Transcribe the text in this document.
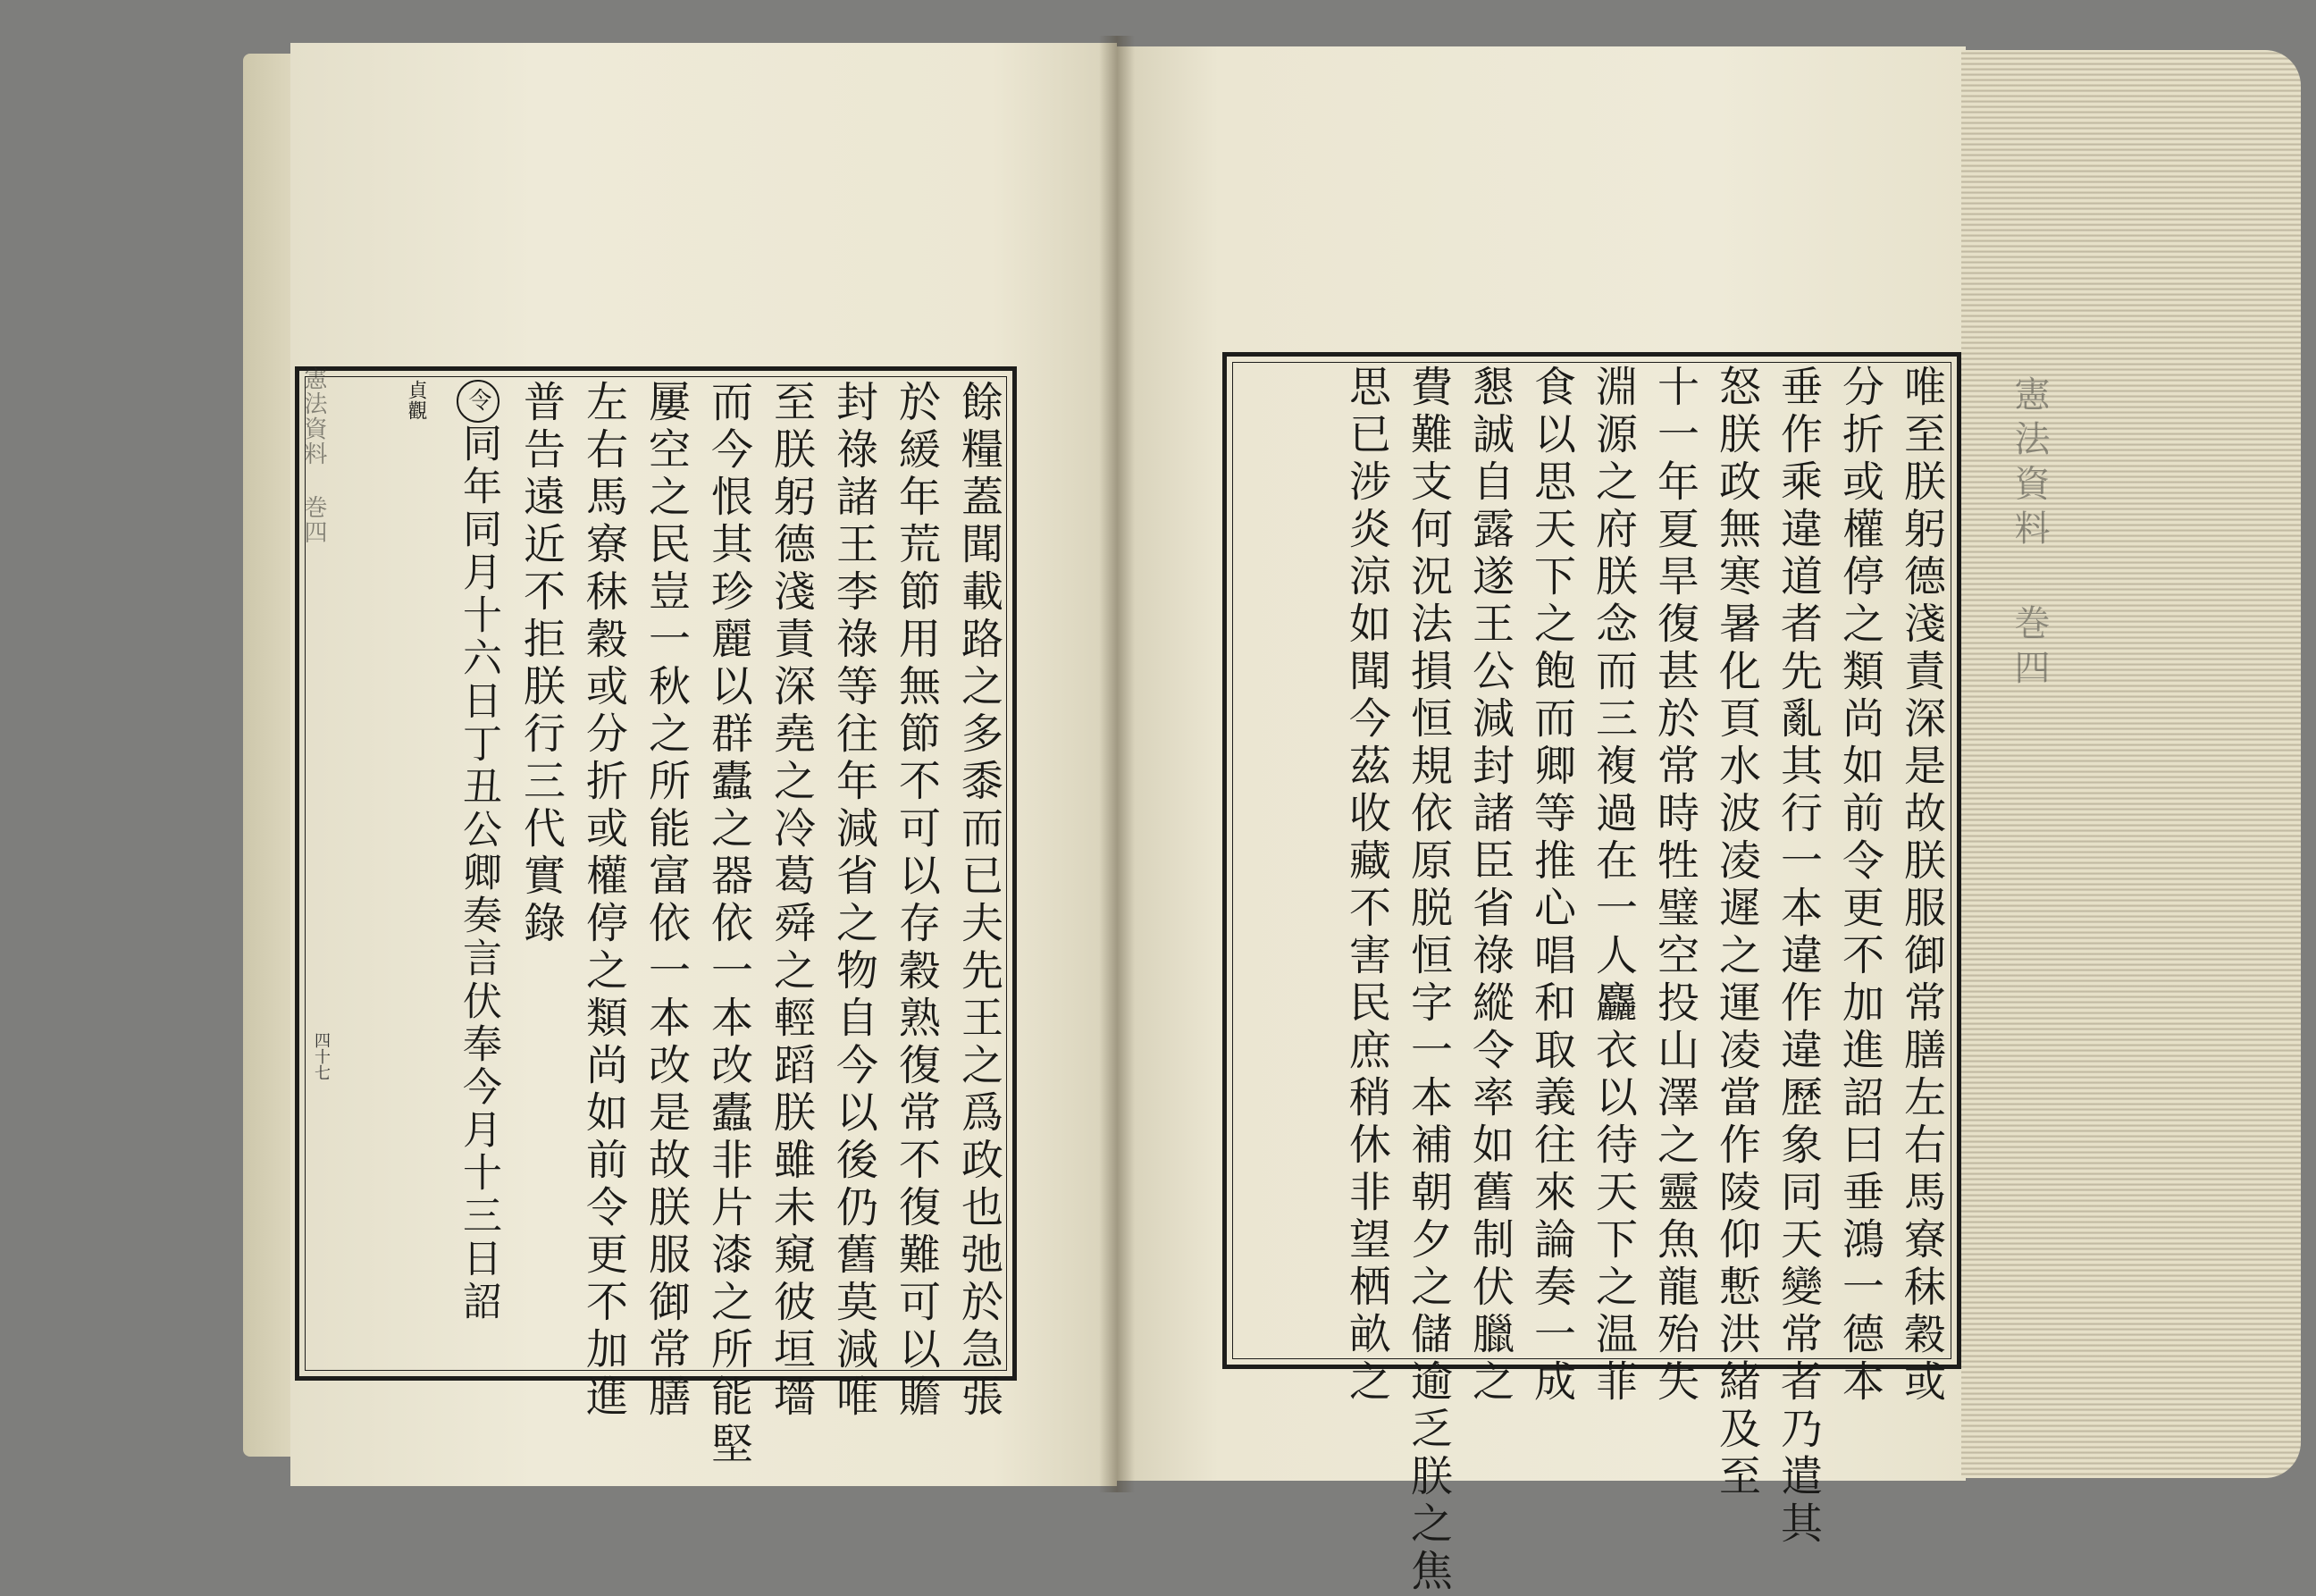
憲法資料 巻四
憲法資料 巻四
四十七	餘糧蓋聞載路之多黍而已夫先王之爲政也弛於急張
於緩年荒節用無節不可以存穀熟復常不復難可以贍
封祿諸王李祿等往年減省之物自今以後仍舊莫減唯
至朕躬德淺責深堯之冷葛舜之輕蹈朕雖未窺彼垣墻
而今恨其珍麗以群蠹之器依一本改蠹非片漆之所能堅
屢空之民豈一秋之所能富依一本改是故朕服御常膳
左右馬寮秣穀或分折或權停之類尚如前令更不加進
普告遠近不拒朕行三代實錄
令同年同月十六日丁丑公卿奏言伏奉今月十三日詔
貞觀	唯至朕躬德淺責深是故朕服御常膳左右馬寮秣穀或
分折或權停之類尚如前令更不加進詔曰垂鴻一德本
垂作乘違道者先亂其行一本違作違歷象同天變常者乃遣其
怒朕政無寒暑化頁水波凌遲之運凌當作陵仰慙洪緒及至
十一年夏旱復甚於常時牲璧空投山澤之靈魚龍殆失
淵源之府朕念而三複過在一人麤衣以待天下之温菲
食以思天下之飽而卿等推心唱和取義往來論奏一成
懇誠自露遂王公減封諸臣省祿縱令率如舊制伏臘之
費難支何況法損恒規依原脱恒字一本補朝夕之儲逾乏朕之焦
思已涉炎涼如聞今茲收藏不害民庶稍休非望栖畝之
